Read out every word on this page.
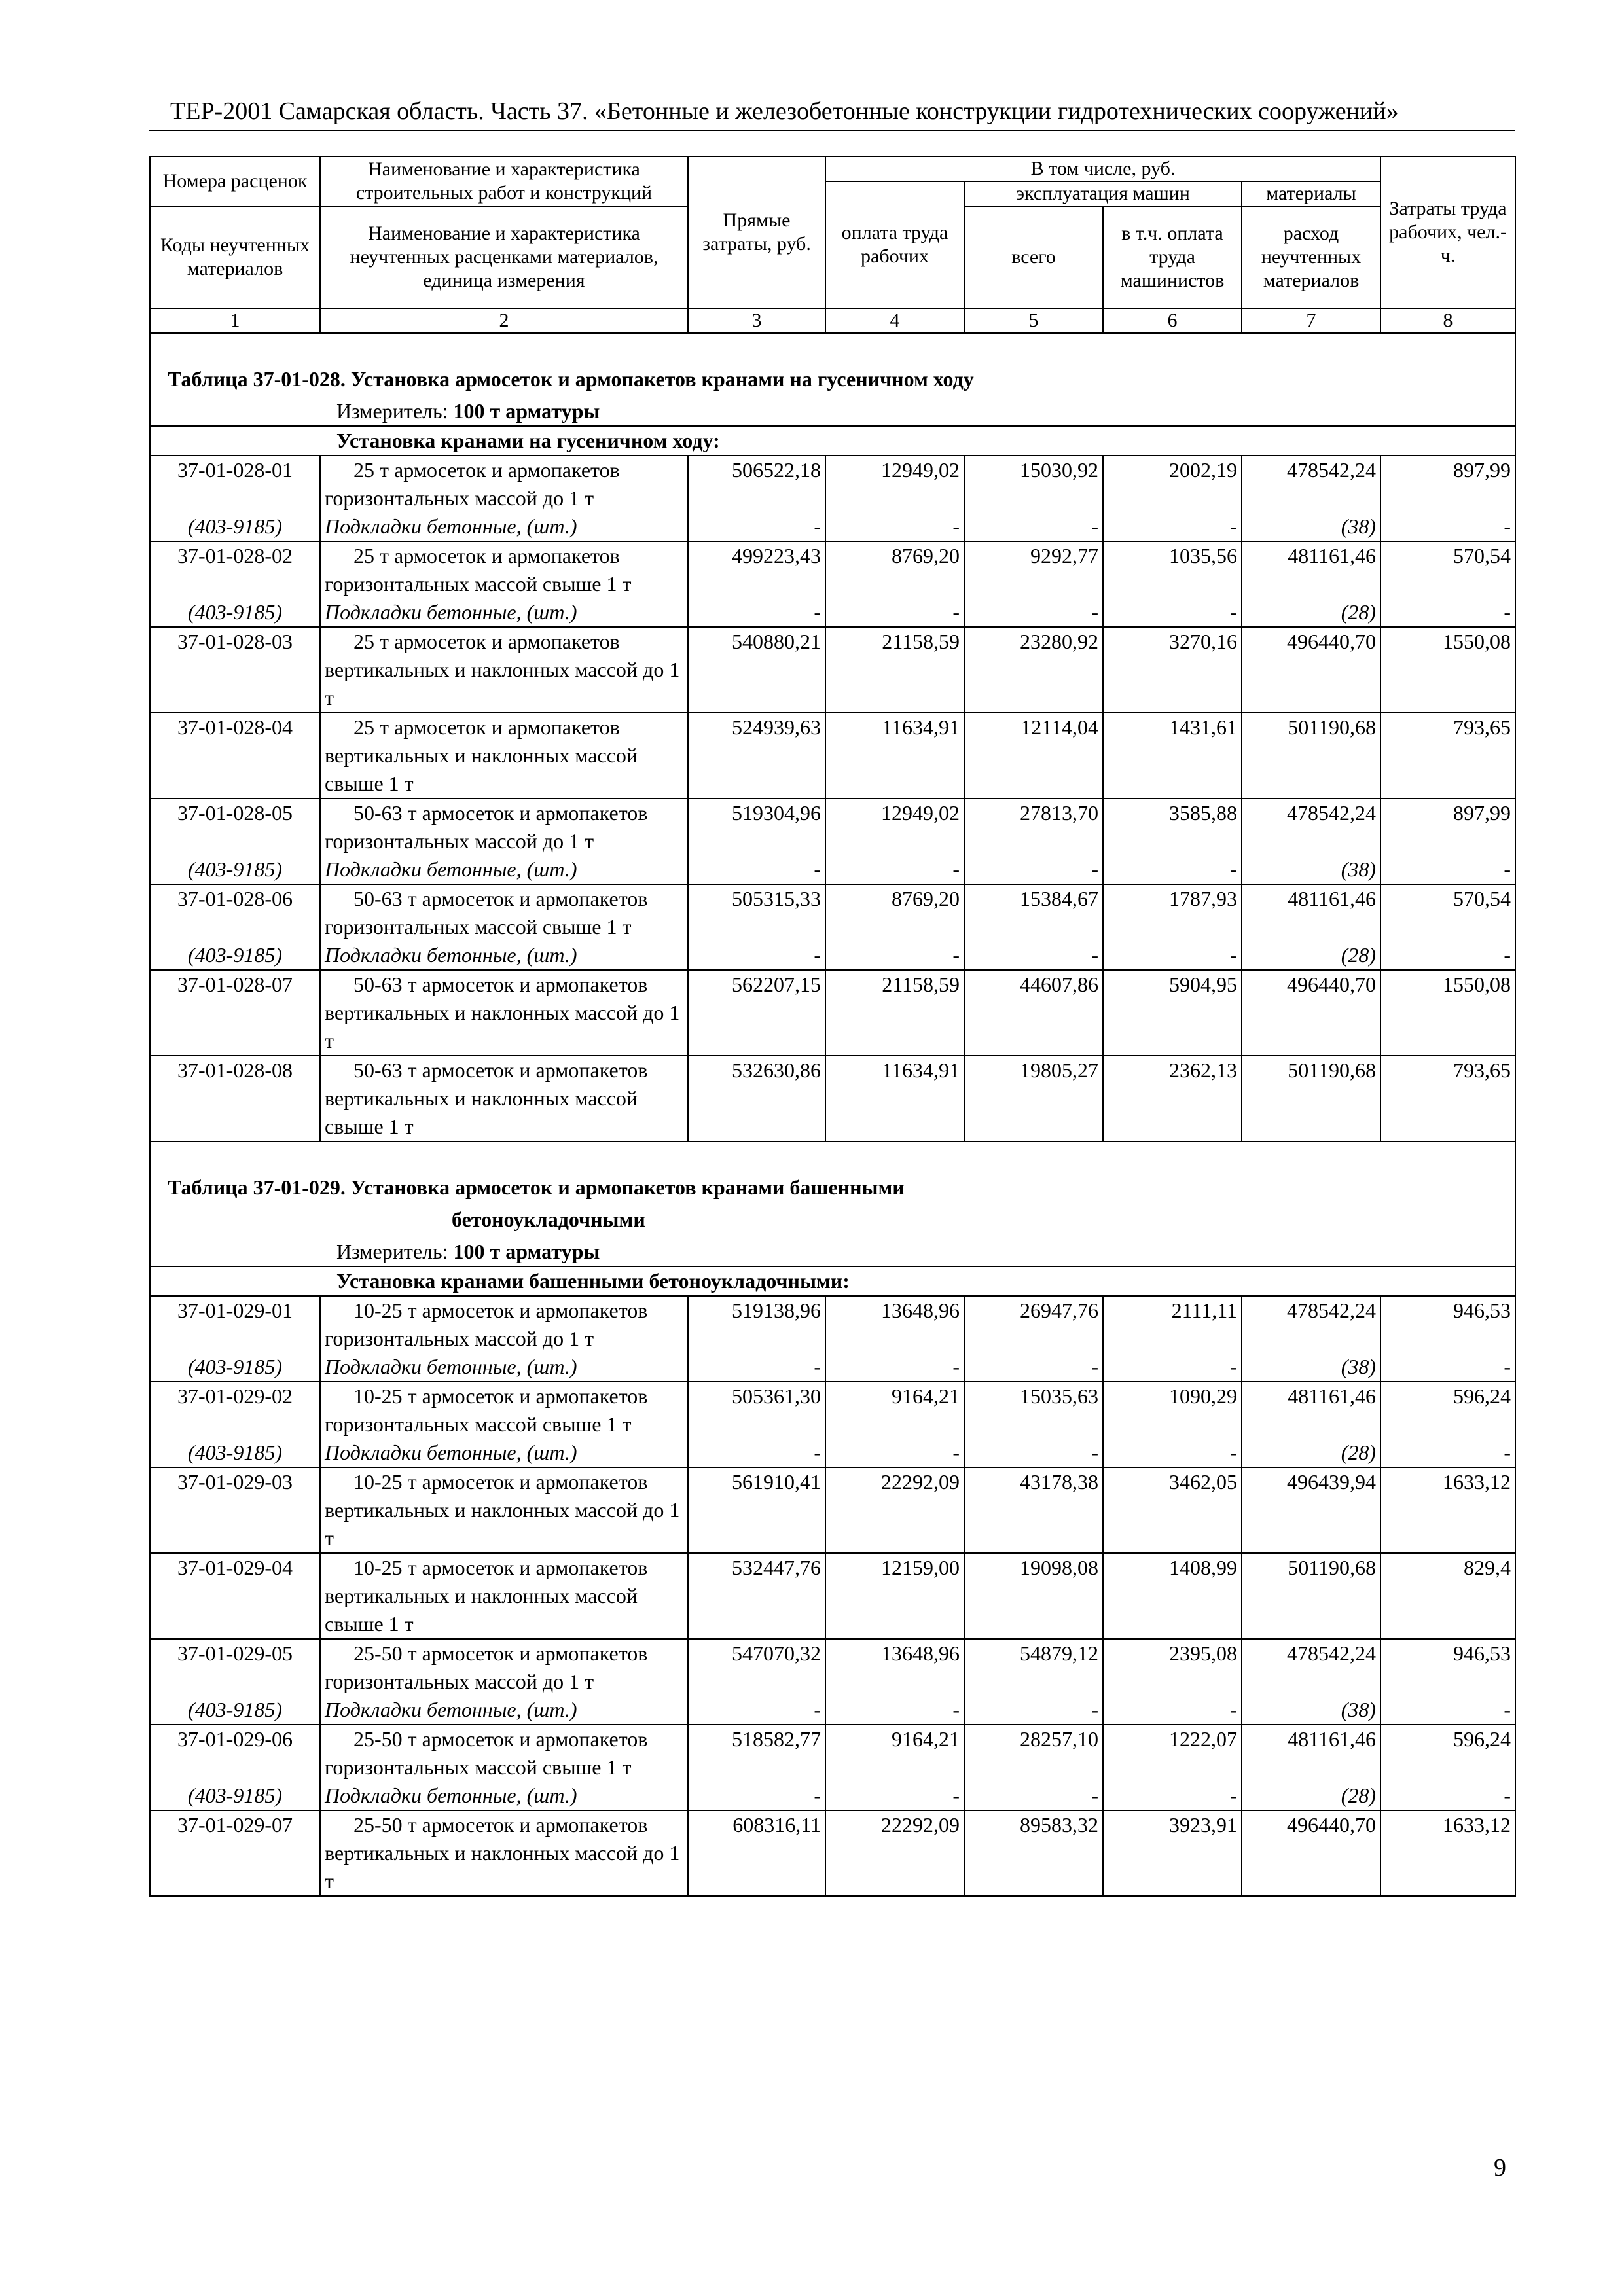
ТЕР-2001 Самарская область. Часть 37. «Бетонные и железобетонные конструкции гидротехнических сооружений»
Номера расценок	Наименование и характеристика строительных работ и конструкций	Прямые затраты, руб.	В том числе, руб.				Затраты труда рабочих, чел.-ч.
			оплата труда рабочих	эксплуатация машин		материалы	
Коды неучтенных материалов	Наименование и характеристика неучтенных расценками материалов, единица измерения			всего	в т.ч. оплата труда машинистов	расход неучтенных материалов	
1	2	3	4	5	6	7	8
Таблица 37-01-028. Установка армосеток и армопакетов кранами на гусеничном ходу							
Измеритель: 100 т арматуры							
Установка кранами на гусеничном ходу:							
37-01-028-01	25 т армосеток и армопакетов горизонтальных массой до 1 т	506522,18	12949,02	15030,92	2002,19	478542,24	897,99
(403-9185)	Подкладки бетонные, (шт.)	-	-	-	-	(38)	-
37-01-028-02	25 т армосеток и армопакетов горизонтальных массой свыше 1 т	499223,43	8769,20	9292,77	1035,56	481161,46	570,54
(403-9185)	Подкладки бетонные, (шт.)	-	-	-	-	(28)	-
37-01-028-03	25 т армосеток и армопакетов вертикальных и наклонных массой до 1 т	540880,21	21158,59	23280,92	3270,16	496440,70	1550,08
37-01-028-04	25 т армосеток и армопакетов вертикальных и наклонных массой свыше 1 т	524939,63	11634,91	12114,04	1431,61	501190,68	793,65
37-01-028-05	50-63 т армосеток и армопакетов горизонтальных массой до 1 т	519304,96	12949,02	27813,70	3585,88	478542,24	897,99
(403-9185)	Подкладки бетонные, (шт.)	-	-	-	-	(38)	-
37-01-028-06	50-63 т армосеток и армопакетов горизонтальных массой свыше 1 т	505315,33	8769,20	15384,67	1787,93	481161,46	570,54
(403-9185)	Подкладки бетонные, (шт.)	-	-	-	-	(28)	-
37-01-028-07	50-63 т армосеток и армопакетов вертикальных и наклонных массой до 1 т	562207,15	21158,59	44607,86	5904,95	496440,70	1550,08
37-01-028-08	50-63 т армосеток и армопакетов вертикальных и наклонных массой свыше 1 т	532630,86	11634,91	19805,27	2362,13	501190,68	793,65

Таблица 37-01-029. Установка армосеток и армопакетов кранами башенными							
бетоноукладочными							
Измеритель: 100 т арматуры							
Установка кранами башенными бетоноукладочными:							
37-01-029-01	10-25 т армосеток и армопакетов горизонтальных массой до 1 т	519138,96	13648,96	26947,76	2111,11	478542,24	946,53
(403-9185)	Подкладки бетонные, (шт.)	-	-	-	-	(38)	-
37-01-029-02	10-25 т армосеток и армопакетов горизонтальных массой свыше 1 т	505361,30	9164,21	15035,63	1090,29	481161,46	596,24
(403-9185)	Подкладки бетонные, (шт.)	-	-	-	-	(28)	-
37-01-029-03	10-25 т армосеток и армопакетов вертикальных и наклонных массой до 1 т	561910,41	22292,09	43178,38	3462,05	496439,94	1633,12
37-01-029-04	10-25 т армосеток и армопакетов вертикальных и наклонных массой свыше 1 т	532447,76	12159,00	19098,08	1408,99	501190,68	829,4
37-01-029-05	25-50 т армосеток и армопакетов горизонтальных массой до 1 т	547070,32	13648,96	54879,12	2395,08	478542,24	946,53
(403-9185)	Подкладки бетонные, (шт.)	-	-	-	-	(38)	-
37-01-029-06	25-50 т армосеток и армопакетов горизонтальных массой свыше 1 т	518582,77	9164,21	28257,10	1222,07	481161,46	596,24
(403-9185)	Подкладки бетонные, (шт.)	-	-	-	-	(28)	-
37-01-029-07	25-50 т армосеток и армопакетов вертикальных и наклонных массой до 1 т	608316,11	22292,09	89583,32	3923,91	496440,70	1633,12

9
